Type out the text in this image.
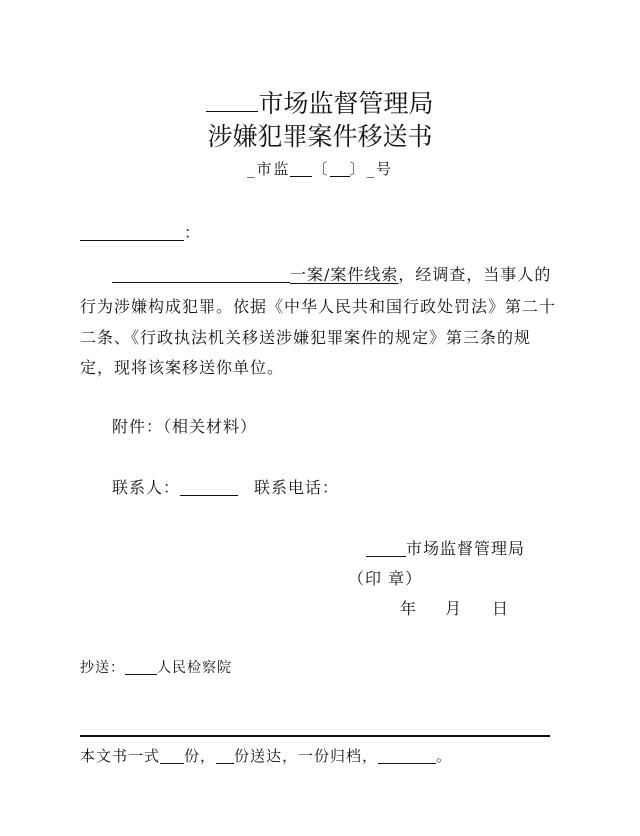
市场监督管理局
涉嫌犯罪案件移送书
_市监 〔 〕_号
：
一案/案件线索，经调查，当事人的
行为涉嫌构成犯罪。依据《中华人民共和国行政处罚法》第二十
二条、《行政执法机关移送涉嫌犯罪案件的规定》第三条的规
定，现将该案移送你单位。
附件：（相关材料）
联系人：	联系电话：
市场监督管理局
（印 章）
年 月 日
抄送： 人民检察院
本文书一式 份， 份送达，一份归档，	。
